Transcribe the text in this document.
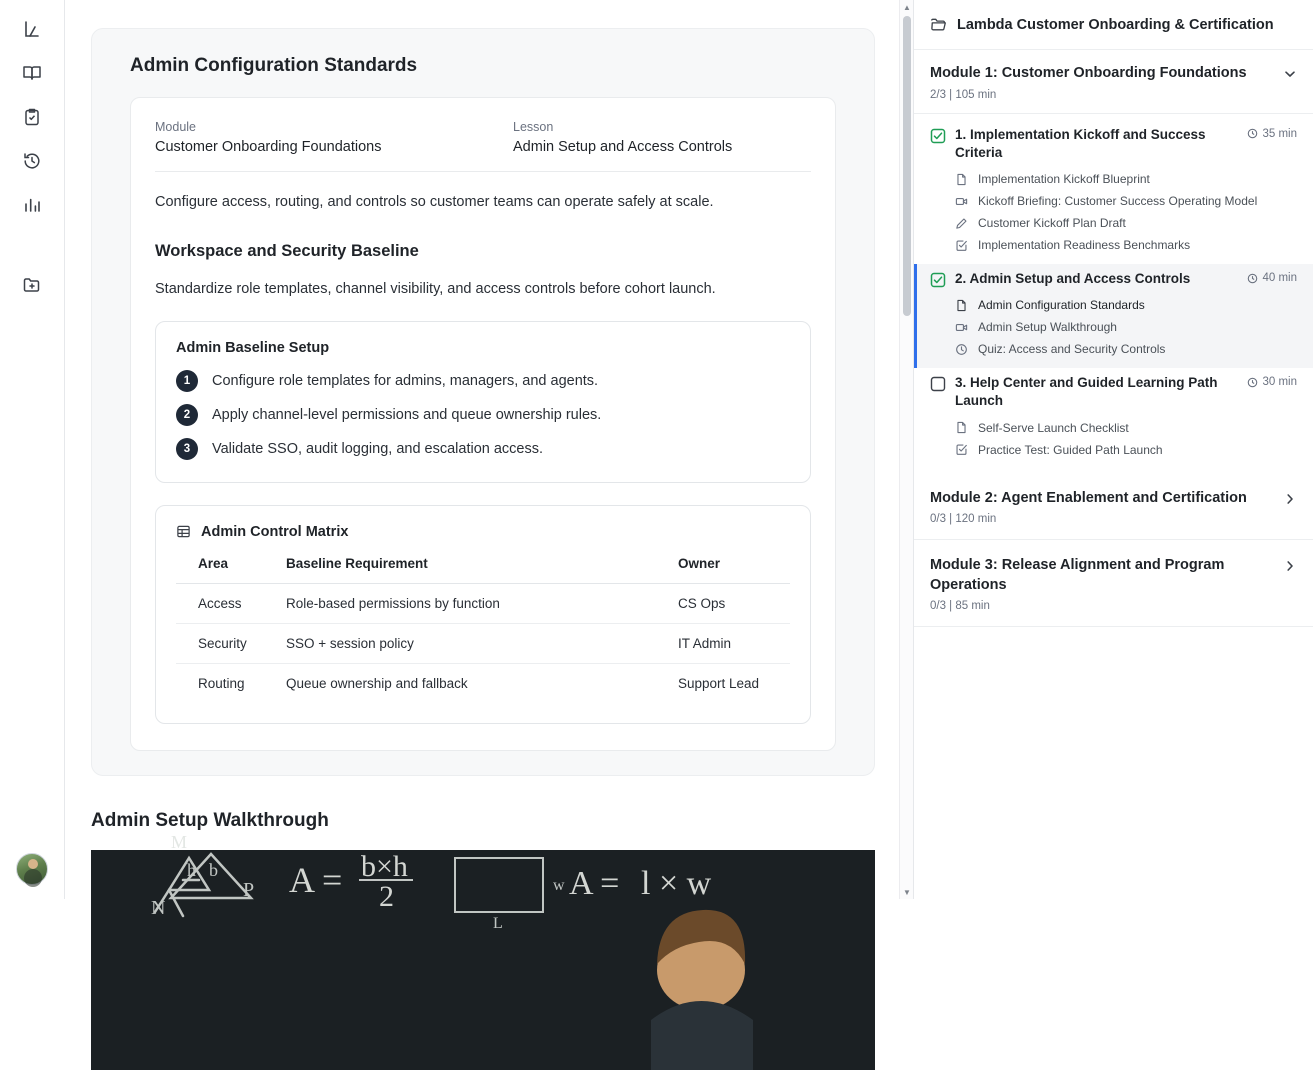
Admin Configuration Standards
Module
Customer Onboarding Foundations
Lesson
Admin Setup and Access Controls

Configure access, routing, and controls so customer teams can operate safely at scale.

Workspace and Security Baseline

Standardize role templates, channel visibility, and access controls before cohort launch.

Admin Baseline Setup
1	Configure role templates for admins, managers, and agents.
2	Apply channel-level permissions and queue ownership rules.
3	Validate SSO, audit logging, and escalation access.
Admin Control Matrix
Area	Baseline Requirement	Owner
Access	Role-based permissions by function	CS Ops
Security	SSO + session policy	IT Admin
Routing	Queue ownership and fallback	Support Lead
Admin Setup Walkthrough
h b
N
P
M
A = b×h
2	A = l × w
L
w
▲
▼
Lambda Customer Onboarding & Certification
Module 1: Customer Onboarding Foundations
2/3 | 105 min
1. Implementation Kickoff and Success Criteria
35 min
Implementation Kickoff Blueprint
Kickoff Briefing: Customer Success Operating Model
Customer Kickoff Plan Draft
Implementation Readiness Benchmarks
2. Admin Setup and Access Controls	40 min
Admin Configuration Standards
Admin Setup Walkthrough
Quiz: Access and Security Controls
3. Help Center and Guided Learning Path Launch
30 min
Self-Serve Launch Checklist
Practice Test: Guided Path Launch
Module 2: Agent Enablement and Certification
0/3 | 120 min
Module 3: Release Alignment and Program Operations
0/3 | 85 min
